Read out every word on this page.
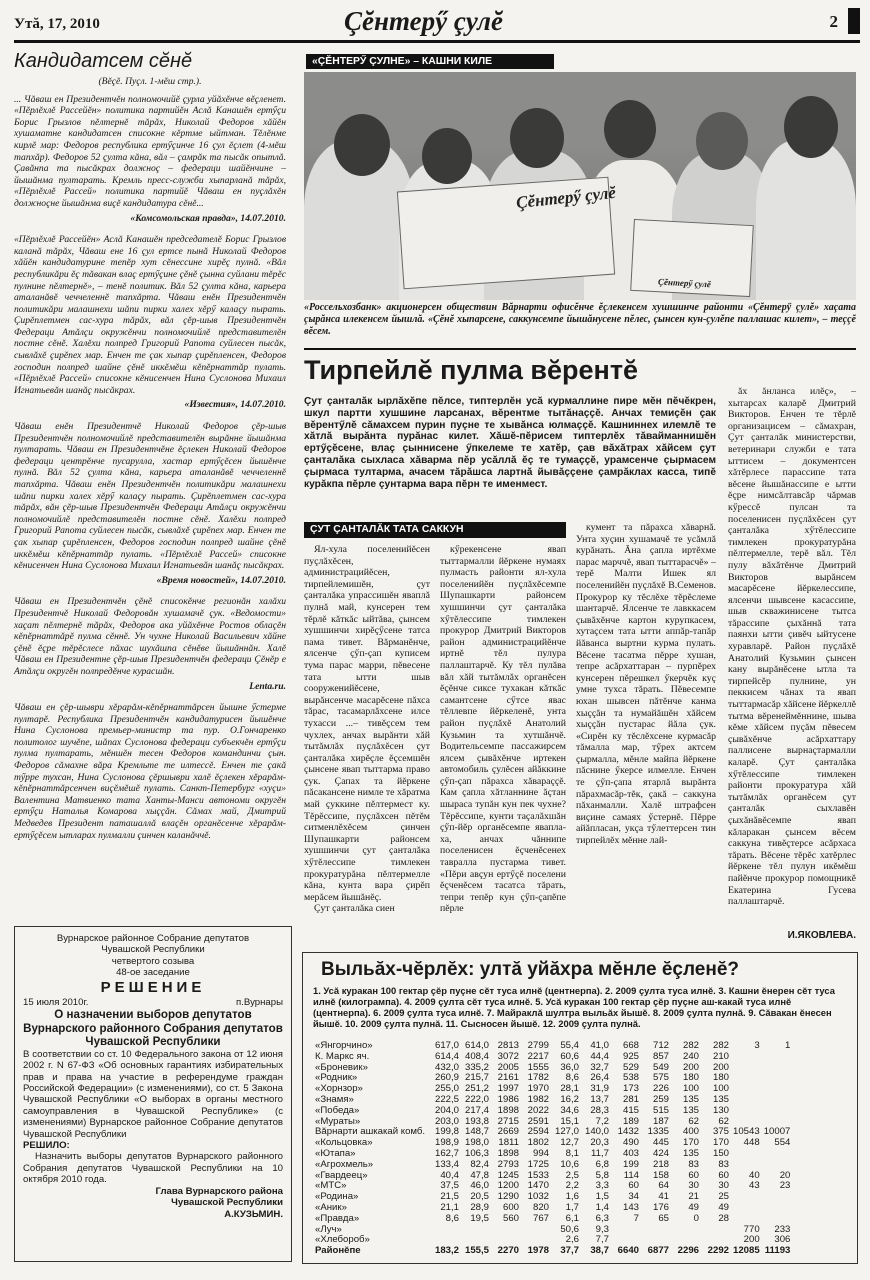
Утă, 17, 2010	Çĕнтерӳ çулĕ	2
Кандидатсем сĕнĕ
(Вĕçĕ. Пуçл. 1-мĕш стр.).

... Чăваш ен Президентчĕн полномочийĕ çурла уйăхĕнче вĕçленет. «Пĕрлĕхлĕ Рассейĕн» политика партийĕн Аслă Канашĕн ертӳçи Борис Грызлов пĕлтернĕ тăрăх, Николай Федоров хăйĕн хушаматне кандидатсен списокне кĕртме ыйтман. Тĕлĕнме кирлĕ мар: Федоров республика ертӳçинче 16 çул ĕçлет (4-мĕш тапхăр). Федоров 52 çулта кăна, вăл – çамрăк та пысăк опытлă. Çавăнпа та пысăкрах должноç – федераци шайĕнчине – йышăнма пултарать. Кремль пресс-служби хыпарланă тăрăх, «Пĕрлĕхлĕ Рассей» политика партийĕ Чăваш ен пуçлăхĕн должноçне йышăнма виçĕ кандидатура сĕнĕ...

«Комсомольская правда», 14.07.2010.

«Пĕрлĕхлĕ Рассейĕн» Аслă Канашĕн председателĕ Борис Грызлов каланă тăрăх, Чăваш ене 16 çул ертсе пынă Николай Федоров хăйĕн кандидатурине тепĕр хут сĕнессине хирĕç пулнă. «Вăл республикăри ĕç тăвакан влаç ертӳçине çĕнĕ çынна суйлани тĕрĕс пулнине пĕлтернĕ», – тенĕ политик. Вăл 52 çулта кăна, карьера аталанăвĕ чеччеленнĕ тапхăрта. Чăваш енĕн Президентчĕн политикăри малашнехи шăпи пирки халех хĕрӳ калаçу пырать. Çирĕплетмен сас-хура тăрăх, вăл çĕр-шыв Президентчĕн Федераци Атăлçи окружĕнчи полномочийлĕ представителĕн постне сĕнĕ. Халĕхи полпред Григорий Рапота суйлесен пысăк, сывлăхĕ çирĕпех мар. Енчен те çак хыпар çирĕпленсен, Федоров господин полпред шайне çĕнĕ иккĕмĕш кĕпĕрнаттăр пулать. «Пĕрлĕхлĕ Рассей» списокне кĕнисенчен Нина Суслонова Михаил Игнатьевăн шанăç пысăкрах.

«Известия», 14.07.2010.

Чăваш енĕн Президентчĕ Николай Федоров çĕр-шыв Президентчĕн полномочийлĕ представителĕн вырăнне йышăнма пултарать. Чăваш ен Президентчĕне ĕçлекен Николай Федоров федераци центрĕнче пусарулла, хастар ертӳçĕсен йышĕнче пулнă. Вăл 52 çулта кăна, карьера аталанăвĕ чеччеленнĕ тапхăрта. Чăваш енĕн Президентчĕн политикăри малашнехи шăпи пирки халех хĕрӳ калаçу пырать. Çирĕплетмен сас-хура тăрăх, вăн çĕр-шыв Президентчĕн Федераци Атăлçи окружĕнчи полномочийлĕ представителĕн постне сĕнĕ. Халĕхи полпред Григорий Рапота суйлесен пысăк, сывлăхĕ çирĕпех мар. Енчен те çак хыпар çирĕпленсен, Федоров господин полпред шайне çĕнĕ иккĕмĕш кĕпĕрнаттăр пулать. «Пĕрлĕхлĕ Рассей» списокне кĕнисенчен Нина Суслонова Михаил Игнатьевăн шанăç пысăкрах.

«Время новостей», 14.07.2010.

Чăваш ен Президентчĕн çĕнĕ списокĕнче регионăн халăхи Президентчĕ Николай Федоровăн хушамачĕ çук. «Ведомости» хаçат пĕлтернĕ тăрăх, Федоров ака уйăхĕнче Ростов облаçĕн кĕпĕрнаттăрĕ пулма сĕннĕ. Ун чухне Николай Васильевич хăйне çĕнĕ ĕçре тĕрĕслесе пăхас шухăшпа сĕнĕве йышăннăн. Халĕ Чăваш ен Президентне çĕр-шыв Президентчĕн федераци Çĕнĕр е Атăлçи округĕн полпредĕнче курасшăн.

Lenta.ru.

Чăваш ен çĕр-шыври хĕрарăм-кĕпĕрнаттăрсен йышне ӳстерме пултарĕ. Республика Президентчĕн кандидатурисен йышĕнче Нина Суслонова премьер-министр та пур. О.Гончаренко политолог шучĕпе, шăпах Суслонова федераци субъекчĕн ертӳçи пулма пултарать, мĕншĕн тесен Федоров командинчи çын. Федоров сăмахне вăра Кремльте те илтессĕ. Енчен те çакă тӳрре тухсан, Нина Суслонова çĕршыври халĕ ĕçлекен хĕрарăм-кĕпĕрнаттăрсенчен виçĕмĕшĕ пулать. Санкт-Петербург «хуçи» Валентина Матвиенко тата Ханты-Манси автономи округĕн ертӳçи Наталья Комарова хыççăн. Сăмах май, Дмитрий Медведев Президент паташаллă влаçĕн органĕсенче хĕрарăм-ертӳçĕсем ытларах пулмалли çинчен каланăччĕ.

Вурнарское районное Собрание депутатов
Чувашской Республики
четвертого созыва
48-ое заседание
РЕШЕНИЕ
15 июля 2010г.	п.Вурнары
О назначении выборов депутатов Вурнарского районного Собрания депутатов Чувашской Республики
В соответствии со ст. 10 Федерального закона от 12 июня 2002 г. N 67-ФЗ «Об основных гарантиях избирательных прав и права на участие в референдуме граждан Российской Федерации» (с изменениями), со ст. 5 Закона Чувашской Республики «О выборах в органы местного самоуправления в Чувашской Республике» (с изменениями) Вурнарское районное Собрание депутатов Чувашской Республики
РЕШИЛО:
Назначить выборы депутатов Вурнарского районного Собрания депутатов Чувашской Республики на 10 октября 2010 года.
Глава Вурнарского района
Чувашской Республики
А.КУЗЬМИН.
«ÇĔНТЕРӲ ÇУЛНЕ» – КАШНИ КИЛЕ
Çĕнтерӳ çулĕ
Çĕнтерӳ çулĕ
«Россельхозбанк» акционерсен обществин Вăрнарти офисĕнче ĕçлекенсем хушшинче районти «Çĕнтерӳ çулĕ» хаçата çырăнса илекенсем йышлă. «Çĕнĕ хыпарсене, саккунсемпе йышăнусене пĕлес, çынсен кун-çулĕпе паллашас килет», – теççĕ вĕсем.
Тирпейлĕ пулма вĕрентĕ
Çут çанталăк ырлăхĕпе пĕлсе, типтерлĕн усă курмаллине пире мĕн пĕчĕкрен, шкул партти хушшине ларсанах, вĕрентме тытăнаççĕ. Анчах темиçĕн çак вĕрентӳлĕ сăмахсем пурин пуçне те хывăнса юлмаççĕ. Кашниннех илемлĕ те хăтлă вырăнта пурăнас килет. Хăшĕ-пĕрисем типтерлĕх тăвайманнишĕн ертӳçĕсене, влаç çыннисене ӳпкелеме те хатĕр, çав вăхăтрах хăйсем çут çанталăка сыхласа хăварма пĕр усăллă ĕç те тумаççĕ, урамсенче çырмасем çырмаса тултарма, ачасем тăрăшса лартнă йывăççене çамрăклах касса, типĕ курăкпа пĕрле çунтарма вара пĕрн те именмест.
ÇУТ ÇАНТАЛĂК ТАТА САККУН

Ял-хула поселенийĕсен пуçлăхĕсен, администрацийĕсен, тирпейлемишĕн, çут çанталăка упрассишĕн яваплă пулнă май, кунсерен тем тĕрлĕ кăткăс ыйтăва, çынсем хушшинчи хирĕçӳсене татса пама тивет. Вăрманĕнче, ялсенче çӳп-çап куписем тума парас марри, пĕвесене тата ытти шыв сооруженийĕсене, вырăнсенче масарĕсене пăхса тăрас, тасамарлăхсене илсе тухасси ...– тивĕçсем тем чухлех, анчах вырăнти хăй тытăмлăх пуçлăхĕсен çут çанталăка хирĕçле ĕçсемшĕн çынсене явап тыттарма право çук. Çапах та йĕркене пăсакансене нимле те хăратма май çуккине пĕлтермест ку. Тĕрĕссипе, пуçлăхсен пĕтĕм ситменлĕхĕсем çинчен Шупашкарти районсем хушшинчи çут çанталăка хӳтĕлессипе тимлекен прокуратурăна пĕлтермелле кăна, кунта вара çирĕп мерăсем йышăнĕç.

Çут çанталăка сиен

кӳрекенсене явап тыттармалли йĕркене нумаях пулмасть районти ял-хула поселенийĕн пуçлăхĕсемпе Шупашкарти районсем хушшинчи çут çанталăка хӳтĕлессипе тимлекен прокурор Дмитрий Викторов район администрацийĕнче иртнĕ тĕл пулура паллаштарчĕ. Ку тĕл пулăва вăл хăй тытăмлăх органĕсен ĕçĕнче сиксе тухакан кăткăс самантсене сӳтсе явас тĕллевпе йĕркеленĕ, унта район пуçлăхĕ Анатолий Кузьмин та хутшăнчĕ. Водительсемпе пассажирсем ялсем çывăхĕнче иртекен автомобиль çулĕсен айăккине çӳп-çап пăрахса хăвараççĕ. Кам çапла хăтланнине ăçтан шыраса тупăн кун пек чухне? Тĕрĕссипе, кунти таçалăхшăн çӳп-йĕр органĕсемпе явапла-ха, анчах чăннипе поселенисен ĕçченĕсенех тавралла пустарма тивет. «Пĕри авçун ертӳçĕ поселени ĕçченĕсем тасатса тăрать, тепри тепĕр кун çӳп-çапĕпе пĕрле

кумент та пăрахса хăварнă. Унта хуçин хушамачĕ те усăмлă курăнать. Ăна çапла иртĕхме парас марччĕ, явап тыттарасчĕ» – терĕ Малти Ишек ял поселенийĕн пуçлăхĕ В.Семенов. Прокурор ку тĕслĕхе тĕрĕслеме шантарчĕ. Ялсенче те лавккасем çывăхĕнче картон курупкасем, хутаçсем тата ытти аппăр-тапăр йăванса выртни курма пулать. Вĕсене тасатма пĕрре хушан, тепре асăрхаттаран – пурпĕрех кунсерен пĕрешкел ӳкерчĕк куç умне тухса тăрать. Пĕвесемпе юхан шывсен пăтĕнче канма хыççăн та нумайăшĕн хăйсем хыççăн пустарас йăла çук. «Сирĕн ку тĕслĕхсене курмасăр тăмалла мар, тӳрех актсем çырмалла, мĕнле майпа йĕркене пăснине ӳкерсе илмелле. Енчен те çӳп-çапа ятарлă вырăнта пăрахмасăр-тĕк, çакă – саккуна пăханмалли. Халĕ штрафсен виçине самаях ӳстернĕ. Пĕрре айăпласан, укçа тӳлеттерсен тин тирпейлĕх мĕнне лай-

ăх ăнланса илĕç», – хытарсах каларĕ Дмитрий Викторов. Енчен те тĕрлĕ организацисем – сăмахран, Çут çанталăк министерстви, ветеринари служби е тата ыттисем – документсен хăтĕрлесе парассипе тата вĕсене йышăнассипе е ытти ĕçре нимсăлтавсăр чăрмав кӳрессĕ пулсан та поселенисен пуçлăхĕсен çут çанталăка хӳтĕлессипе тимлекен прокуратурăна пĕлтермелле, терĕ вăл. Тĕл пулу вăхăтĕнче Дмитрий Викторов вырăнсем масарĕсене йĕркелессипе, ялсенчи шывсене касассипе, шыв скважинисене тытса тăрассипе çыхăннă тата паянхи ытти çивĕч ыйтусене хуравларĕ. Район пуçлăхĕ Анатолий Кузьмин çынсен кану вырăнĕсене ытла та тирпейсĕр пулнине, ун пеккисем чăнах та явап тыттармасăр хăйсене йĕркеллĕ тытма вĕренеймĕннине, шыва кĕме хăйсем пуçăм пĕвесем çывăхĕнче асăрхаттару паллисене вырнаçтармалли каларĕ. Çут çанталăка хӳтĕлессипе тимлекен районти прокуратура хăй тытăмлăх органĕсем çут çанталăк сыхлавĕн çыхăнăвĕсемпе явап кăларакан çынсем вĕсем саккуна тивĕçтерсе асăрхаса тăрать. Вĕсене тĕрĕс хатĕрлес йĕркене тĕл пулун икĕмĕш пайĕнче прокурор помощникĕ Екатерина Гусева паллаштарчĕ.

И.ЯКОВЛЕВА.
Выльăх-чĕрлĕх: ултă уйăхра мĕнле ĕçленĕ?
1. Усă куракан 100 гектар çĕр пуçне сĕт туса илнĕ (центнерпа). 2. 2009 çулта туса илнĕ. 3. Кашни ĕнерен сĕт туса илнĕ (килогрампа). 4. 2009 çулта сĕт туса илнĕ. 5. Усă куракан 100 гектар çĕр пуçне аш-какай туса илнĕ (центнерпа). 6. 2009 çулта туса илнĕ. 7. Майраклă шултра выльăх йышĕ. 8. 2009 çулта пулнă. 9. Сăвакан ĕнесен йышĕ. 10. 2009 çулта пулнă. 11. Сысносен йышĕ. 12. 2009 çулта пулнă.
«Янгорчино»	617,0	614,0	2813	2799	55,4	41,0	668	712	282	282	3	1
К. Маркс яч.	614,4	408,4	3072	2217	60,6	44,4	925	857	240	210		
«Броневик»	432,0	335,2	2005	1555	36,0	32,7	529	549	200	200		
«Родник»	260,9	215,7	2161	1782	8,6	26,4	538	575	180	180		
«Хорнзор»	255,0	251,2	1997	1970	28,1	31,9	173	226	100	100		
«Знамя»	222,5	222,0	1986	1982	16,2	13,7	281	259	135	135		
«Победа»	204,0	217,4	1898	2022	34,6	28,3	415	515	135	130		
«Мураты»	203,0	193,8	2715	2591	15,1	7,2	189	187	62	62		
Вăрнарти ашкакай комб.	199,8	148,7	2669	2594	127,0	140,0	1432	1335	400	375	10543	10007
«Кольцовка»	198,9	198,0	1811	1802	12,7	20,3	490	445	170	170	448	554
«Ютапа»	162,7	106,3	1898	994	8,1	11,7	403	424	135	150		
«Агрохмель»	133,4	82,4	2793	1725	10,6	6,8	199	218	83	83		
«Гвардеец»	40,4	47,8	1245	1533	2,5	5,8	114	158	60	60	40	20
«МТС»	37,5	46,0	1200	1470	2,2	3,3	60	64	30	30	43	23
«Родина»	21,5	20,5	1290	1032	1,6	1,5	34	41	21	25		
«Аник»	21,1	28,9	600	820	1,7	1,4	143	176	49	49		
«Правда»	8,6	19,5	560	767	6,1	6,3	7	65	0	28		
«Луч»					50,6	9,3					770	233
«Хлебороб»					2,6	7,7					200	306
Районĕпе	183,2	155,5	2270	1978	37,7	38,7	6640	6877	2296	2292	12085	11193
